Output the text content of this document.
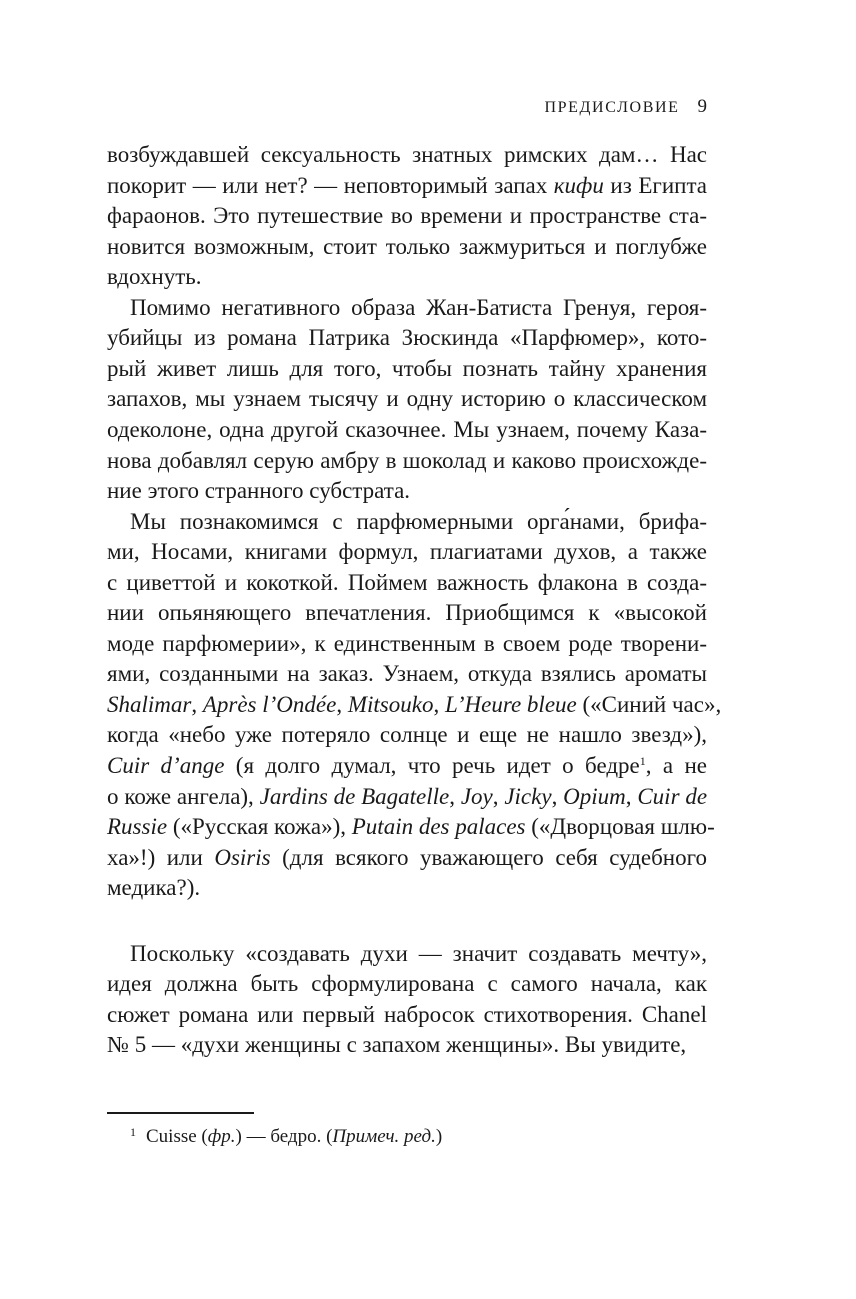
ПРЕДИСЛОВИЕ 9
возбуждавшей сексуальность знатных римских дам… Нас
покорит — или нет? — неповторимый запах кифи из Египта
фараонов. Это путешествие во времени и пространстве ста-
новится возможным, стоит только зажмуриться и поглубже
вдохнуть.
Помимо негативного образа Жан-Батиста Гренуя, героя-
убийцы из романа Патрика Зюскинда «Парфюмер», кото-
рый живет лишь для того, чтобы познать тайну хранения
запахов, мы узнаем тысячу и одну историю о классическом
одеколоне, одна другой сказочнее. Мы узнаем, почему Каза-
нова добавлял серую амбру в шоколад и каково происхожде-
ние этого странного субстрата.
Мы познакомимся с парфюмерными орга́нами, брифа-
ми, Носами, книгами формул, плагиатами духов, а также
с циветтой и кокоткой. Поймем важность флакона в созда-
нии опьяняющего впечатления. Приобщимся к «высокой
моде парфюмерии», к единственным в своем роде творени-
ями, созданными на заказ. Узнаем, откуда взялись ароматы
Shalimar, Après l’Ondée, Mitsouko, L’Heure bleue («Синий час»,
когда «небо уже потеряло солнце и еще не нашло звезд»),
Cuir d’ange (я долго думал, что речь идет о бедре$^1$, а не
о коже ангела), Jardins de Bagatelle, Joy, Jicky, Opium, Cuir de
Russie («Русская кожа»), Putain des palaces («Дворцовая шлю-
ха»!) или Osiris (для всякого уважающего себя судебного
медика?).
Поскольку «создавать духи — значит создавать мечту»,
идея должна быть сформулирована с самого начала, как
сюжет романа или первый набросок стихотворения. Chanel
№ 5 — «духи женщины с запахом женщины». Вы увидите,
$^1$ Cuisse (фр.) — бедро. (Примеч. ред.)
